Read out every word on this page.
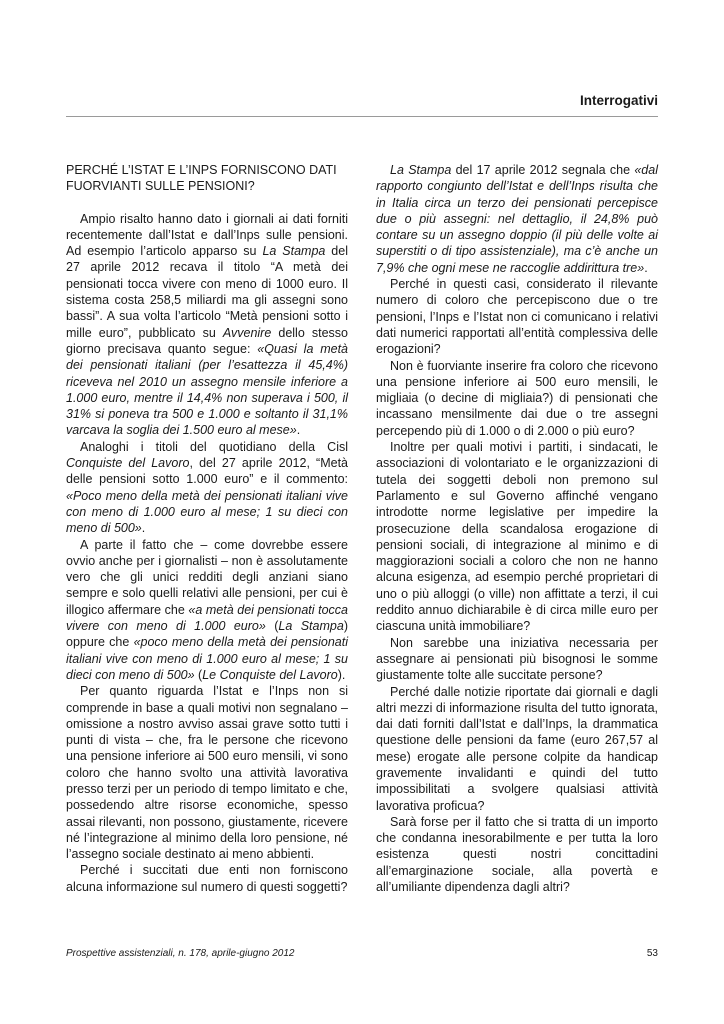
Interrogativi
PERCHÉ L’ISTAT E L’INPS FORNISCONO DATI FUORVIANTI SULLE PENSIONI?

Ampio risalto hanno dato i giornali ai dati forniti recentemente dall’Istat e dall’Inps sulle pensioni. Ad esempio l’articolo apparso su La Stampa del 27 aprile 2012 recava il titolo “A metà dei pensionati tocca vivere con meno di 1000 euro. Il sistema costa 258,5 miliardi ma gli assegni sono bassi”. A sua volta l’articolo “Metà pensioni sotto i mille euro”, pubblicato su Avvenire dello stesso giorno precisava quanto segue: «Quasi la metà dei pensionati italiani (per l’esattezza il 45,4%) riceveva nel 2010 un assegno mensile inferiore a 1.000 euro, mentre il 14,4% non superava i 500, il 31% si poneva tra 500 e 1.000 e soltanto il 31,1% varcava la soglia dei 1.500 euro al mese».

Analoghi i titoli del quotidiano della Cisl Conquiste del Lavoro, del 27 aprile 2012, “Metà delle pensioni sotto 1.000 euro” e il commento: «Poco meno della metà dei pensionati italiani vive con meno di 1.000 euro al mese; 1 su dieci con meno di 500».

A parte il fatto che – come dovrebbe essere ovvio anche per i giornalisti – non è assolutamente vero che gli unici redditi degli anziani siano sempre e solo quelli relativi alle pensioni, per cui è illogico affermare che «a metà dei pensionati tocca vivere con meno di 1.000 euro» (La Stampa) oppure che «poco meno della metà dei pensionati italiani vive con meno di 1.000 euro al mese; 1 su dieci con meno di 500» (Le Conquiste del Lavoro).

Per quanto riguarda l’Istat e l’Inps non si comprende in base a quali motivi non segnalano – omissione a nostro avviso assai grave sotto tutti i punti di vista – che, fra le persone che ricevono una pensione inferiore ai 500 euro mensili, vi sono coloro che hanno svolto una attività lavorativa presso terzi per un periodo di tempo limitato e che, possedendo altre risorse economiche, spesso assai rilevanti, non possono, giustamente, ricevere né l’integrazione al minimo della loro pensione, né l’assegno sociale destinato ai meno abbienti.

Perché i succitati due enti non forniscono alcuna informazione sul numero di questi soggetti?

La Stampa del 17 aprile 2012 segnala che «dal rapporto congiunto dell’Istat e dell’Inps risulta che in Italia circa un terzo dei pensionati percepisce due o più assegni: nel dettaglio, il 24,8% può contare su un assegno doppio (il più delle volte ai superstiti o di tipo assistenziale), ma c’è anche un 7,9% che ogni mese ne raccoglie addirittura tre».

Perché in questi casi, considerato il rilevante numero di coloro che percepiscono due o tre pensioni, l’Inps e l’Istat non ci comunicano i relativi dati numerici rapportati all’entità complessiva delle erogazioni?

Non è fuorviante inserire fra coloro che ricevono una pensione inferiore ai 500 euro mensili, le migliaia (o decine di migliaia?) di pensionati che incassano mensilmente dai due o tre assegni percependo più di 1.000 o di 2.000 o più euro?

Inoltre per quali motivi i partiti, i sindacati, le associazioni di volontariato e le organizzazioni di tutela dei soggetti deboli non premono sul Parlamento e sul Governo affinché vengano introdotte norme legislative per impedire la prosecuzione della scandalosa erogazione di pensioni sociali, di integrazione al minimo e di maggiorazioni sociali a coloro che non ne hanno alcuna esigenza, ad esempio perché proprietari di uno o più alloggi (o ville) non affittate a terzi, il cui reddito annuo dichiarabile è di circa mille euro per ciascuna unità immobiliare?

Non sarebbe una iniziativa necessaria per assegnare ai pensionati più bisognosi le somme giustamente tolte alle succitate persone?

Perché dalle notizie riportate dai giornali e dagli altri mezzi di informazione risulta del tutto ignorata, dai dati forniti dall’Istat e dall’Inps, la drammatica questione delle pensioni da fame (euro 267,57 al mese) erogate alle persone colpite da handicap gravemente invalidanti e quindi del tutto impossibilitati a svolgere qualsiasi attività lavorativa proficua?

Sarà forse per il fatto che si tratta di un importo che condanna inesorabilmente e per tutta la loro esistenza questi nostri concittadini all’emarginazione sociale, alla povertà e all’umiliante dipendenza dagli altri?

Prospettive assistenziali, n. 178, aprile-giugno 2012	53
